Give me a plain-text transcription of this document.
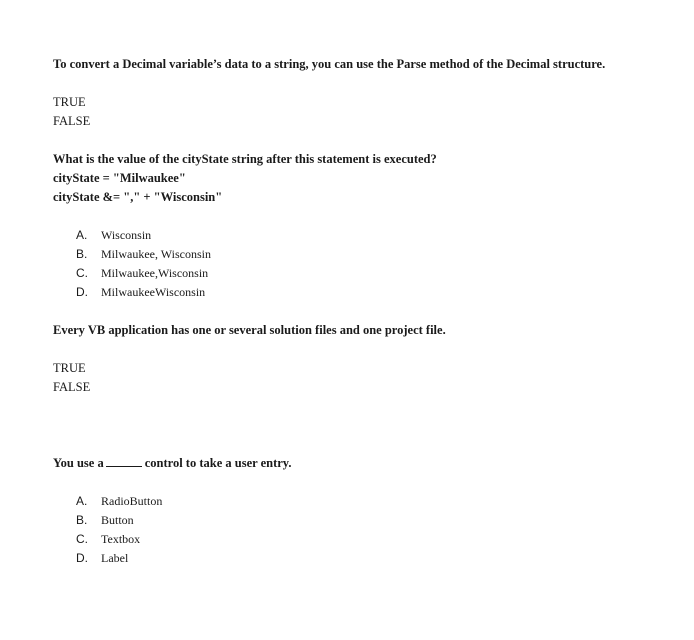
To convert a Decimal variable’s data to a string, you can use the Parse method of the Decimal structure.

TRUE

FALSE

What is the value of the cityState string after this statement is executed?
cityState = "Milwaukee"
cityState &= "," + "Wisconsin"

A.	Wisconsin
B.	Milwaukee, Wisconsin
C.	Milwaukee,Wisconsin
D.	MilwaukeeWisconsin

Every VB application has one or several solution files and one project file.

TRUE

FALSE

You use a	control to take a user entry.

A.	RadioButton
B.	Button
C.	Textbox
D.	Label
